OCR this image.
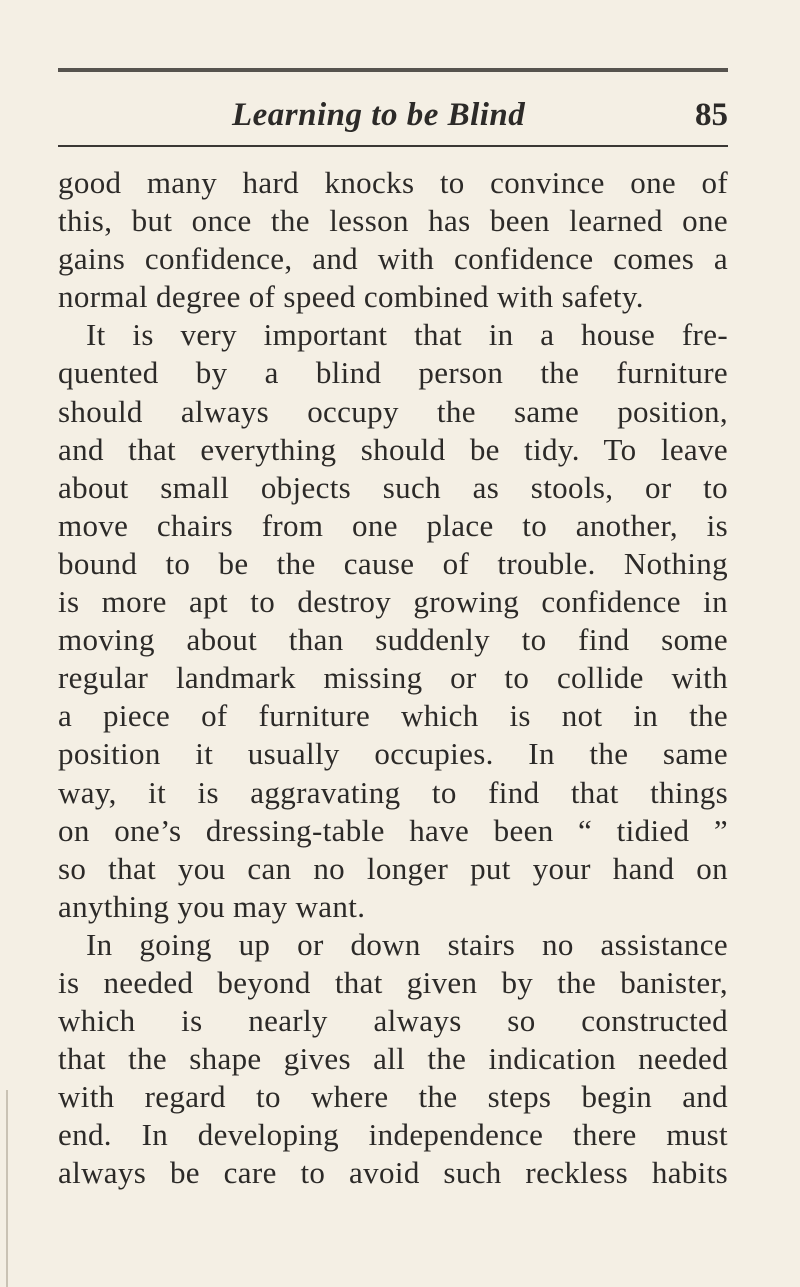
Learning to be Blind	85
good many hard knocks to convince one of
this, but once the lesson has been learned one
gains confidence, and with confidence comes a
normal degree of speed combined with safety.
It is very important that in a house fre-
quented by a blind person the furniture
should always occupy the same position,
and that everything should be tidy. To leave
about small objects such as stools, or to
move chairs from one place to another, is
bound to be the cause of trouble. Nothing
is more apt to destroy growing confidence in
moving about than suddenly to find some
regular landmark missing or to collide with
a piece of furniture which is not in the
position it usually occupies. In the same
way, it is aggravating to find that things
on one’s dressing-table have been “ tidied ”
so that you can no longer put your hand on
anything you may want.
In going up or down stairs no assistance
is needed beyond that given by the banister,
which is nearly always so constructed
that the shape gives all the indication needed
with regard to where the steps begin and
end. In developing independence there must
always be care to avoid such reckless habits
